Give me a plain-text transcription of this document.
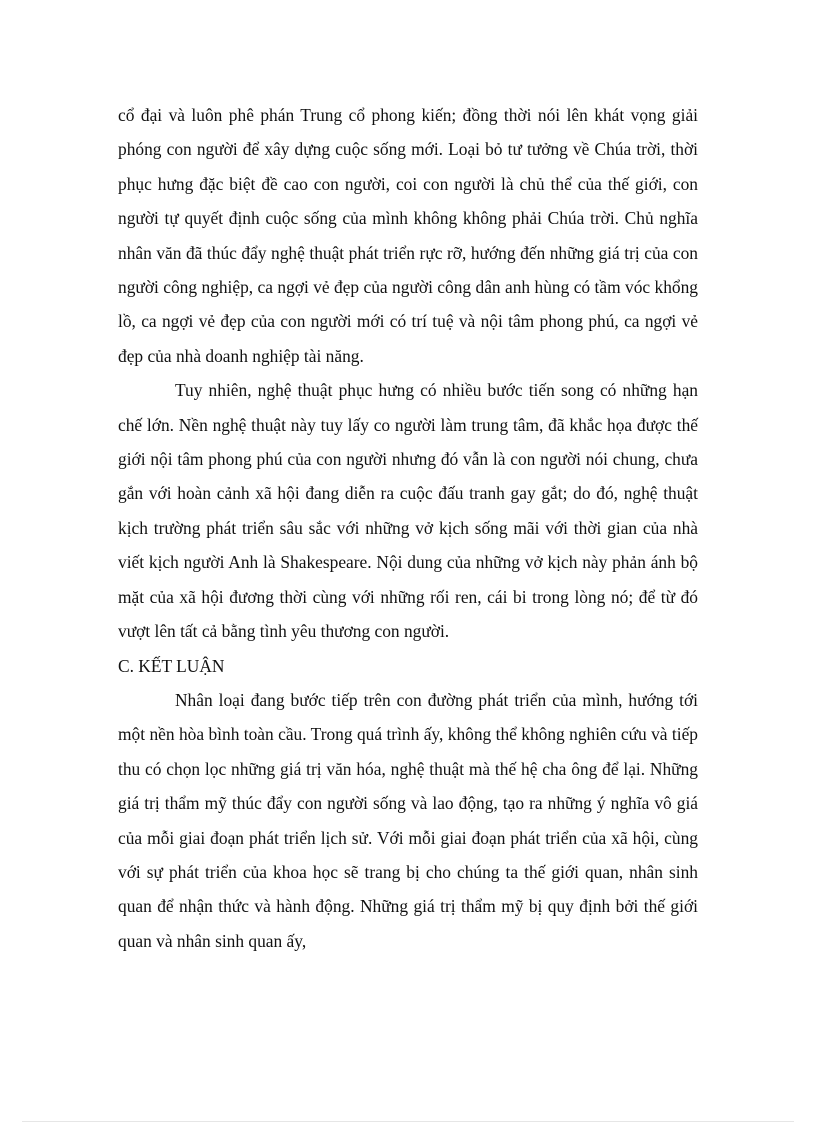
cổ đại và luôn phê phán Trung cổ phong kiến; đồng thời nói lên khát vọng giải phóng con người để xây dựng cuộc sống mới. Loại bỏ tư tưởng về Chúa trời, thời phục hưng đặc biệt đề cao con người, coi con người là chủ thể của thế giới, con người tự quyết định cuộc sống của mình không không phải Chúa trời. Chủ nghĩa nhân văn đã thúc đẩy nghệ thuật phát triển rực rỡ, hướng đến những giá trị của con người công nghiệp, ca ngợi vẻ đẹp của người công dân anh hùng có tầm vóc khổng lồ, ca ngợi vẻ đẹp của con người mới có trí tuệ và nội tâm phong phú, ca ngợi vẻ đẹp của nhà doanh nghiệp tài năng.

Tuy nhiên, nghệ thuật phục hưng có nhiều bước tiến song có những hạn chế lớn. Nền nghệ thuật này tuy lấy co người làm trung tâm, đã khắc họa được thế giới nội tâm phong phú của con người nhưng đó vẫn là con người nói chung, chưa gắn với hoàn cảnh xã hội đang diễn ra cuộc đấu tranh gay gắt; do đó, nghệ thuật kịch trường phát triển sâu sắc với những vở kịch sống mãi với thời gian của nhà viết kịch người Anh là Shakespeare. Nội dung của những vở kịch này phản ánh bộ mặt của xã hội đương thời cùng với những rối ren, cái bi trong lòng nó; để từ đó vượt lên tất cả bằng tình yêu thương con người.

C. KẾT LUẬN

Nhân loại đang bước tiếp trên con đường phát triển của mình, hướng tới một nền hòa bình toàn cầu. Trong quá trình ấy, không thể không nghiên cứu và tiếp thu có chọn lọc những giá trị văn hóa, nghệ thuật mà thế hệ cha ông để lại. Những giá trị thẩm mỹ thúc đẩy con người sống và lao động, tạo ra những ý nghĩa vô giá của mỗi giai đoạn phát triển lịch sử. Với mỗi giai đoạn phát triển của xã hội, cùng với sự phát triển của khoa học sẽ trang bị cho chúng ta thế giới quan, nhân sinh quan để nhận thức và hành động. Những giá trị thẩm mỹ bị quy định bởi thế giới quan và nhân sinh quan ấy,
